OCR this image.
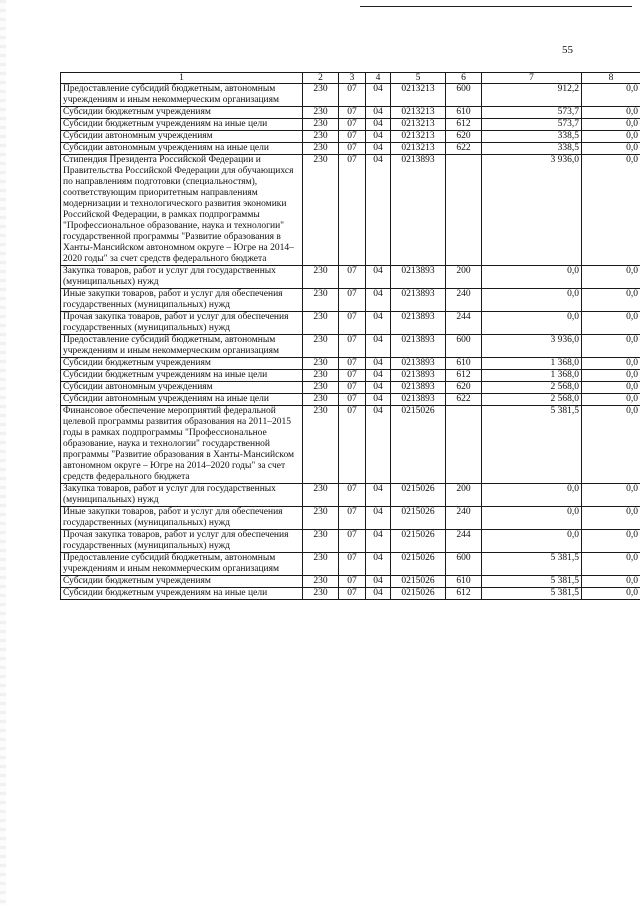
55
1	2	3	4	5	6	7	8
Предоставление субсидий бюджетным, автономным учреждениям и иным некоммерческим организациям	230	07	04	0213213	600	912,2	0,0
Субсидии бюджетным учреждениям	230	07	04	0213213	610	573,7	0,0
Субсидии бюджетным учреждениям на иные цели	230	07	04	0213213	612	573,7	0,0
Субсидии автономным учреждениям	230	07	04	0213213	620	338,5	0,0
Субсидии автономным учреждениям на иные цели	230	07	04	0213213	622	338,5	0,0
Стипендия Президента Российской Федерации и Правительства Российской Федерации для обучающихся по направлениям подготовки (специальностям), соответствующим приоритетным направлениям модернизации и технологического развития экономики Российской Федерации, в рамках подпрограммы "Профессиональное образование, наука и технологии" государственной программы "Развитие образования в Ханты-Мансийском автономном округе – Югре на 2014–2020 годы" за счет средств федерального бюджета	230	07	04	0213893		3 936,0	0,0
Закупка товаров, работ и услуг для государственных (муниципальных) нужд	230	07	04	0213893	200	0,0	0,0
Иные закупки товаров, работ и услуг для обеспечения государственных (муниципальных) нужд	230	07	04	0213893	240	0,0	0,0
Прочая закупка товаров, работ и услуг для обеспечения государственных (муниципальных) нужд	230	07	04	0213893	244	0,0	0,0
Предоставление субсидий бюджетным, автономным учреждениям и иным некоммерческим организациям	230	07	04	0213893	600	3 936,0	0,0
Субсидии бюджетным учреждениям	230	07	04	0213893	610	1 368,0	0,0
Субсидии бюджетным учреждениям на иные цели	230	07	04	0213893	612	1 368,0	0,0
Субсидии автономным учреждениям	230	07	04	0213893	620	2 568,0	0,0
Субсидии автономным учреждениям на иные цели	230	07	04	0213893	622	2 568,0	0,0
Финансовое обеспечение мероприятий федеральной целевой программы развития образования на 2011–2015 годы в рамках подпрограммы "Профессиональное образование, наука и технологии" государственной программы "Развитие образования в Ханты-Мансийском автономном округе – Югре на 2014–2020 годы" за счет средств федерального бюджета	230	07	04	0215026		5 381,5	0,0
Закупка товаров, работ и услуг для государственных (муниципальных) нужд	230	07	04	0215026	200	0,0	0,0
Иные закупки товаров, работ и услуг для обеспечения государственных (муниципальных) нужд	230	07	04	0215026	240	0,0	0,0
Прочая закупка товаров, работ и услуг для обеспечения государственных (муниципальных) нужд	230	07	04	0215026	244	0,0	0,0
Предоставление субсидий бюджетным, автономным учреждениям и иным некоммерческим организациям	230	07	04	0215026	600	5 381,5	0,0
Субсидии бюджетным учреждениям	230	07	04	0215026	610	5 381,5	0,0
Субсидии бюджетным учреждениям на иные цели	230	07	04	0215026	612	5 381,5	0,0
